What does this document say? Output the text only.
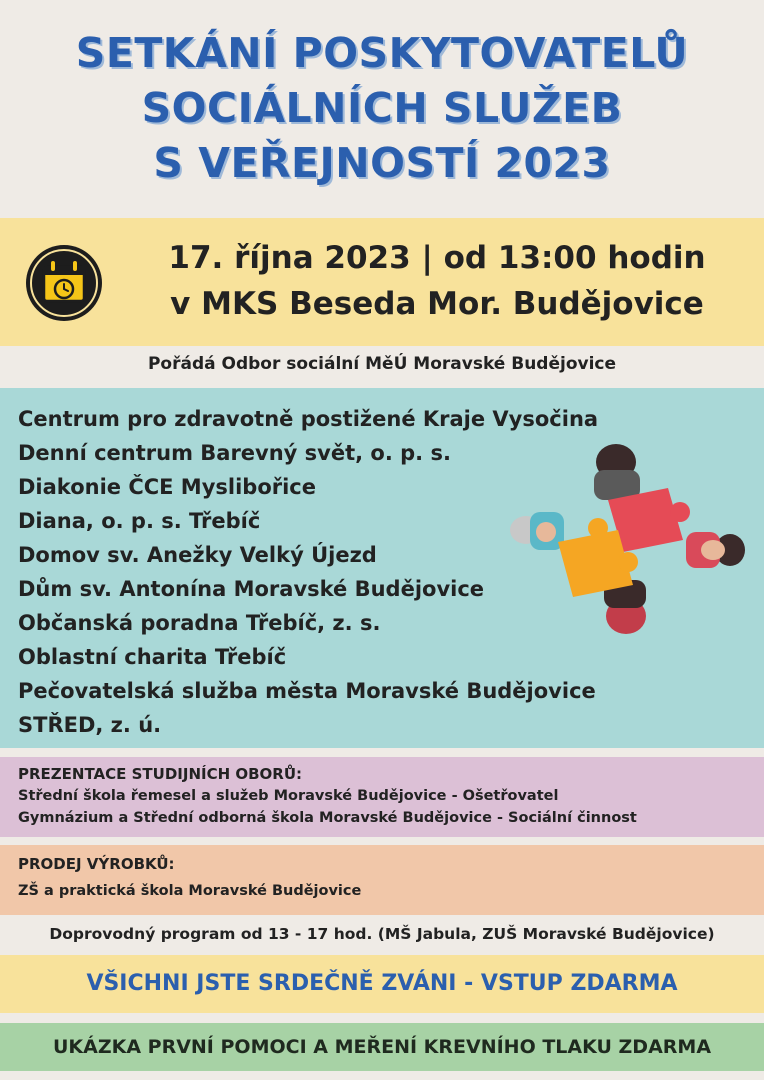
SETKÁNÍ POSKYTOVATELŮ
SOCIÁLNÍCH SLUŽEB
S VEŘEJNOSTÍ 2023
17. října 2023 | od 13:00 hodin
v MKS Beseda Mor. Budějovice
Pořádá Odbor sociální MěÚ Moravské Budějovice
Centrum pro zdravotně postižené Kraje Vysočina
Denní centrum Barevný svět, o. p. s.
Diakonie ČCE Myslibořice
Diana, o. p. s. Třebíč
Domov sv. Anežky Velký Újezd
Dům sv. Antonína Moravské Budějovice
Občanská poradna Třebíč, z. s.
Oblastní charita Třebíč
Pečovatelská služba města Moravské Budějovice
STŘED, z. ú.
PREZENTACE STUDIJNÍCH OBORŮ:
Střední škola řemesel a služeb Moravské Budějovice - Ošetřovatel
Gymnázium a Střední odborná škola Moravské Budějovice - Sociální činnost
PRODEJ VÝROBKŮ:
ZŠ a praktická škola Moravské Budějovice
Doprovodný program od 13 - 17 hod. (MŠ Jabula, ZUŠ Moravské Budějovice)
VŠICHNI JSTE SRDEČNĚ ZVÁNI - VSTUP ZDARMA
UKÁZKA PRVNÍ POMOCI A MEŘENÍ KREVNÍHO TLAKU ZDARMA
